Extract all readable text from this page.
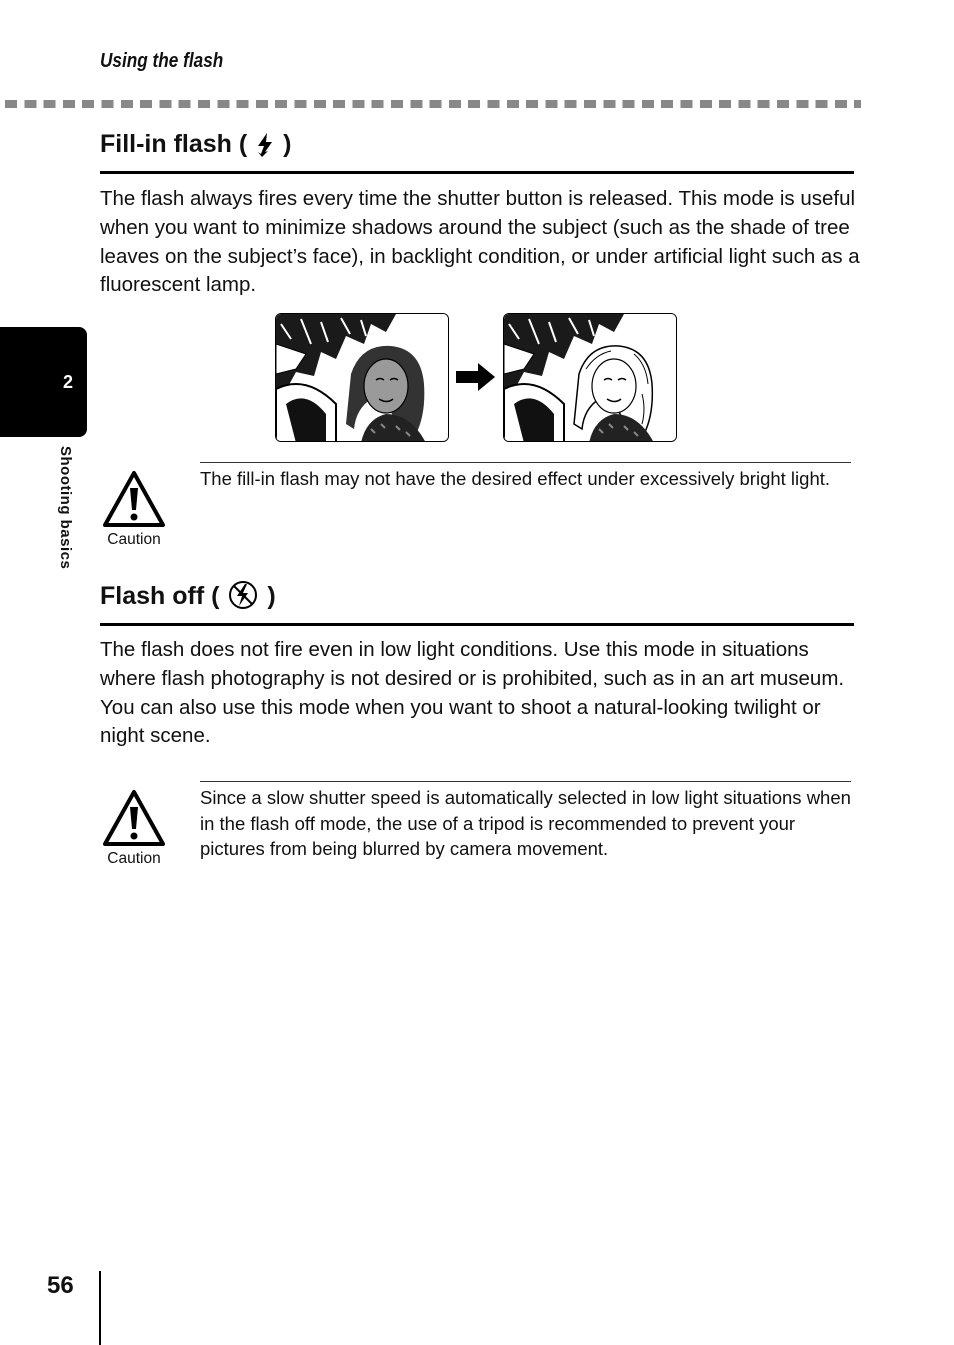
Using the flash
2
Shooting basics
Fill-in flash ( )

The flash always fires every time the shutter button is released. This mode is useful when you want to minimize shadows around the subject (such as the shade of tree leaves on the subject’s face), in backlight condition, or under artificial light such as a fluorescent lamp.

Caution

The fill-in flash may not have the desired effect under excessively bright light.

Flash off ( )

The flash does not fire even in low light conditions. Use this mode in situations where flash photography is not desired or is prohibited, such as in an art museum. You can also use this mode when you want to shoot a natural-looking twilight or night scene.

Caution

Since a slow shutter speed is automatically selected in low light situations when in the flash off mode, the use of a tripod is recommended to prevent your pictures from being blurred by camera movement.

56
